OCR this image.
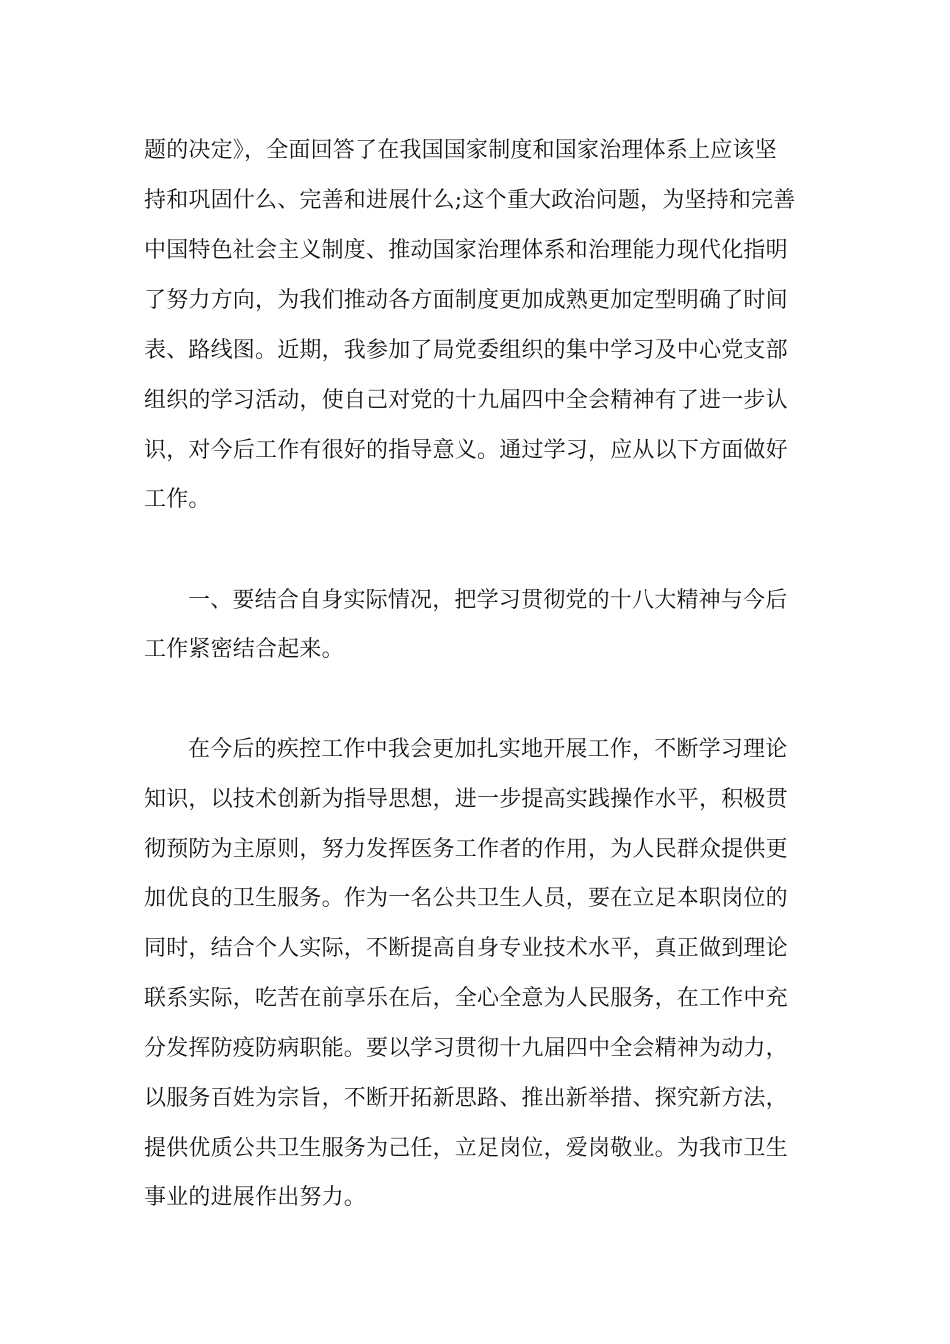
题的决定》，全面回答了在我国国家制度和国家治理体系上应该坚
持和巩固什么、完善和进展什么;这个重大政治问题，为坚持和完善
中国特色社会主义制度、推动国家治理体系和治理能力现代化指明
了努力方向，为我们推动各方面制度更加成熟更加定型明确了时间
表、路线图。近期，我参加了局党委组织的集中学习及中心党支部
组织的学习活动，使自己对党的十九届四中全会精神有了进一步认
识，对今后工作有很好的指导意义。通过学习，应从以下方面做好
工作。
一、要结合自身实际情况，把学习贯彻党的十八大精神与今后
工作紧密结合起来。
在今后的疾控工作中我会更加扎实地开展工作，不断学习理论
知识，以技术创新为指导思想，进一步提高实践操作水平，积极贯
彻预防为主原则，努力发挥医务工作者的作用，为人民群众提供更
加优良的卫生服务。作为一名公共卫生人员，要在立足本职岗位的
同时，结合个人实际，不断提高自身专业技术水平，真正做到理论
联系实际，吃苦在前享乐在后，全心全意为人民服务，在工作中充
分发挥防疫防病职能。要以学习贯彻十九届四中全会精神为动力，
以服务百姓为宗旨，不断开拓新思路、推出新举措、探究新方法，
提供优质公共卫生服务为己任，立足岗位，爱岗敬业。为我市卫生
事业的进展作出努力。
